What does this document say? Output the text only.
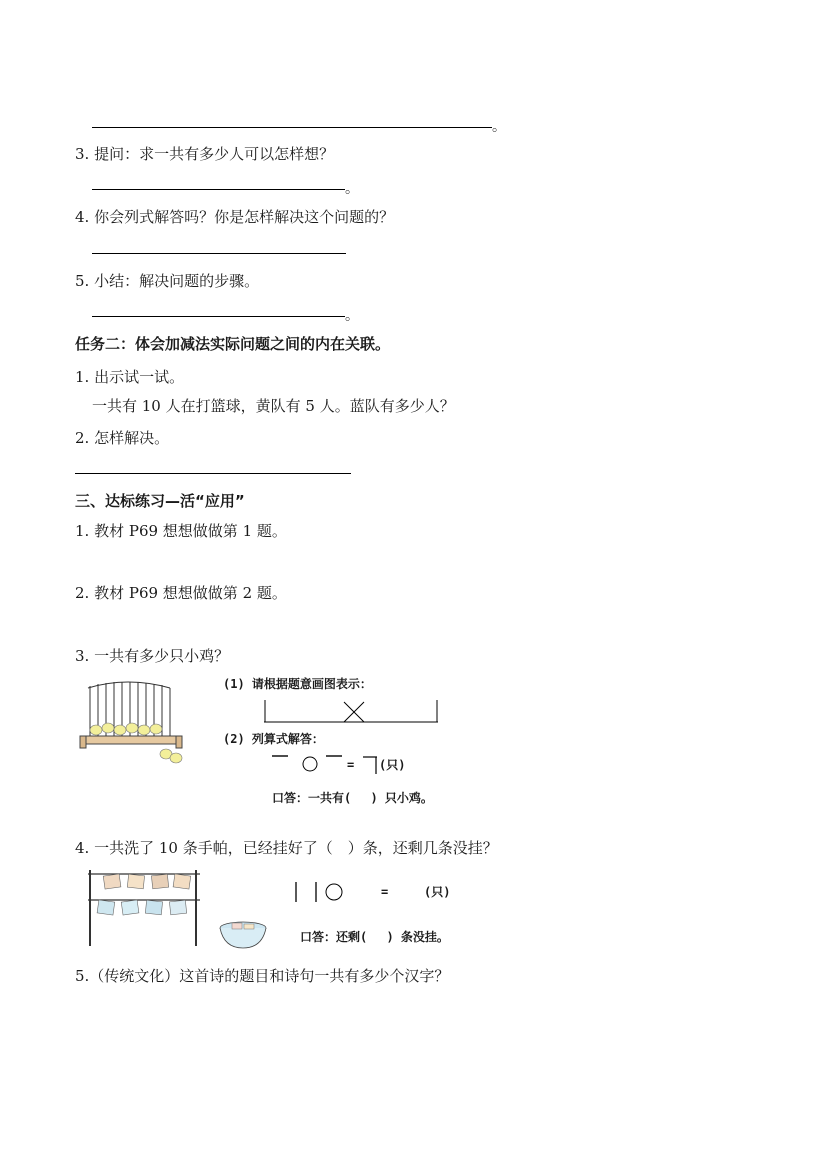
。
3. 提问：求一共有多少人可以怎样想？
。
4. 你会列式解答吗？你是怎样解决这个问题的？
5. 小结：解决问题的步骤。
。
任务二：体会加减法实际问题之间的内在关联。
1. 出示试一试。
一共有 10 人在打篮球，黄队有 5 人。蓝队有多少人？
2. 怎样解决。
三、达标练习—活“应用”
1. 教材 P69 想想做做第 1 题。
2. 教材 P69 想想做做第 2 题。
3. 一共有多少只小鸡？
(1) 请根据题意画图表示：
(2) 列算式解答：
= (只)
口答：一共有(　 ) 只小鸡。
4. 一共洗了 10 条手帕，已经挂好了（　）条，还剩几条没挂？
=	(只)
口答：还剩(　 ) 条没挂。
5.（传统文化）这首诗的题目和诗句一共有多少个汉字？
